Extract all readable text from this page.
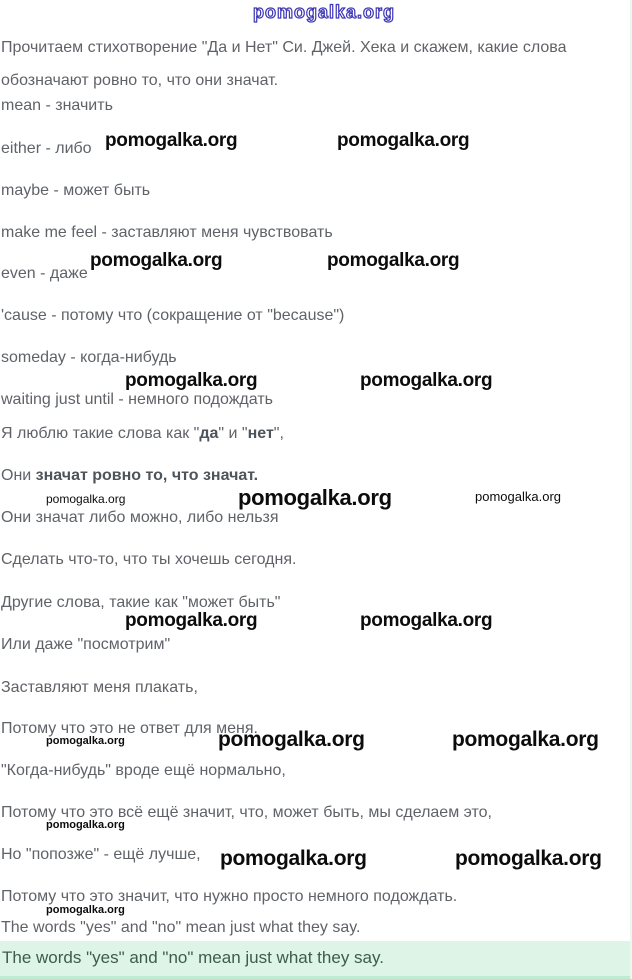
pomogalka.org
Прочитаем стихотворение "Да и Нет" Си. Джей. Хека и скажем, какие слова обозначают ровно то, что они значат.
mean - значить
either - либо
maybe - может быть
make me feel - заставляют меня чувствовать
even - даже
'cause - потому что (сокращение от "because")
someday - когда-нибудь
waiting just until - немного подождать
Я люблю такие слова как "да" и "нет",
Они значат ровно то, что значат.
Они значат либо можно, либо нельзя
Сделать что-то, что ты хочешь сегодня.
Другие слова, такие как "может быть"
Или даже "посмотрим"
Заставляют меня плакать,
Потому что это не ответ для меня.
"Когда-нибудь" вроде ещё нормально,
Потому что это всё ещё значит, что, может быть, мы сделаем это,
Но "попозже" - ещё лучше,
Потому что это значит, что нужно просто немного подождать.
The words "yes" and "no" mean just what they say.
pomogalka.org	pomogalka.org
pomogalka.org	pomogalka.org
pomogalka.org	pomogalka.org
pomogalka.org	pomogalka.org	pomogalka.org
pomogalka.org	pomogalka.org
pomogalka.org	pomogalka.org	pomogalka.org
pomogalka.org
pomogalka.org	pomogalka.org
pomogalka.org
The words "yes" and "no" mean just what they say.
